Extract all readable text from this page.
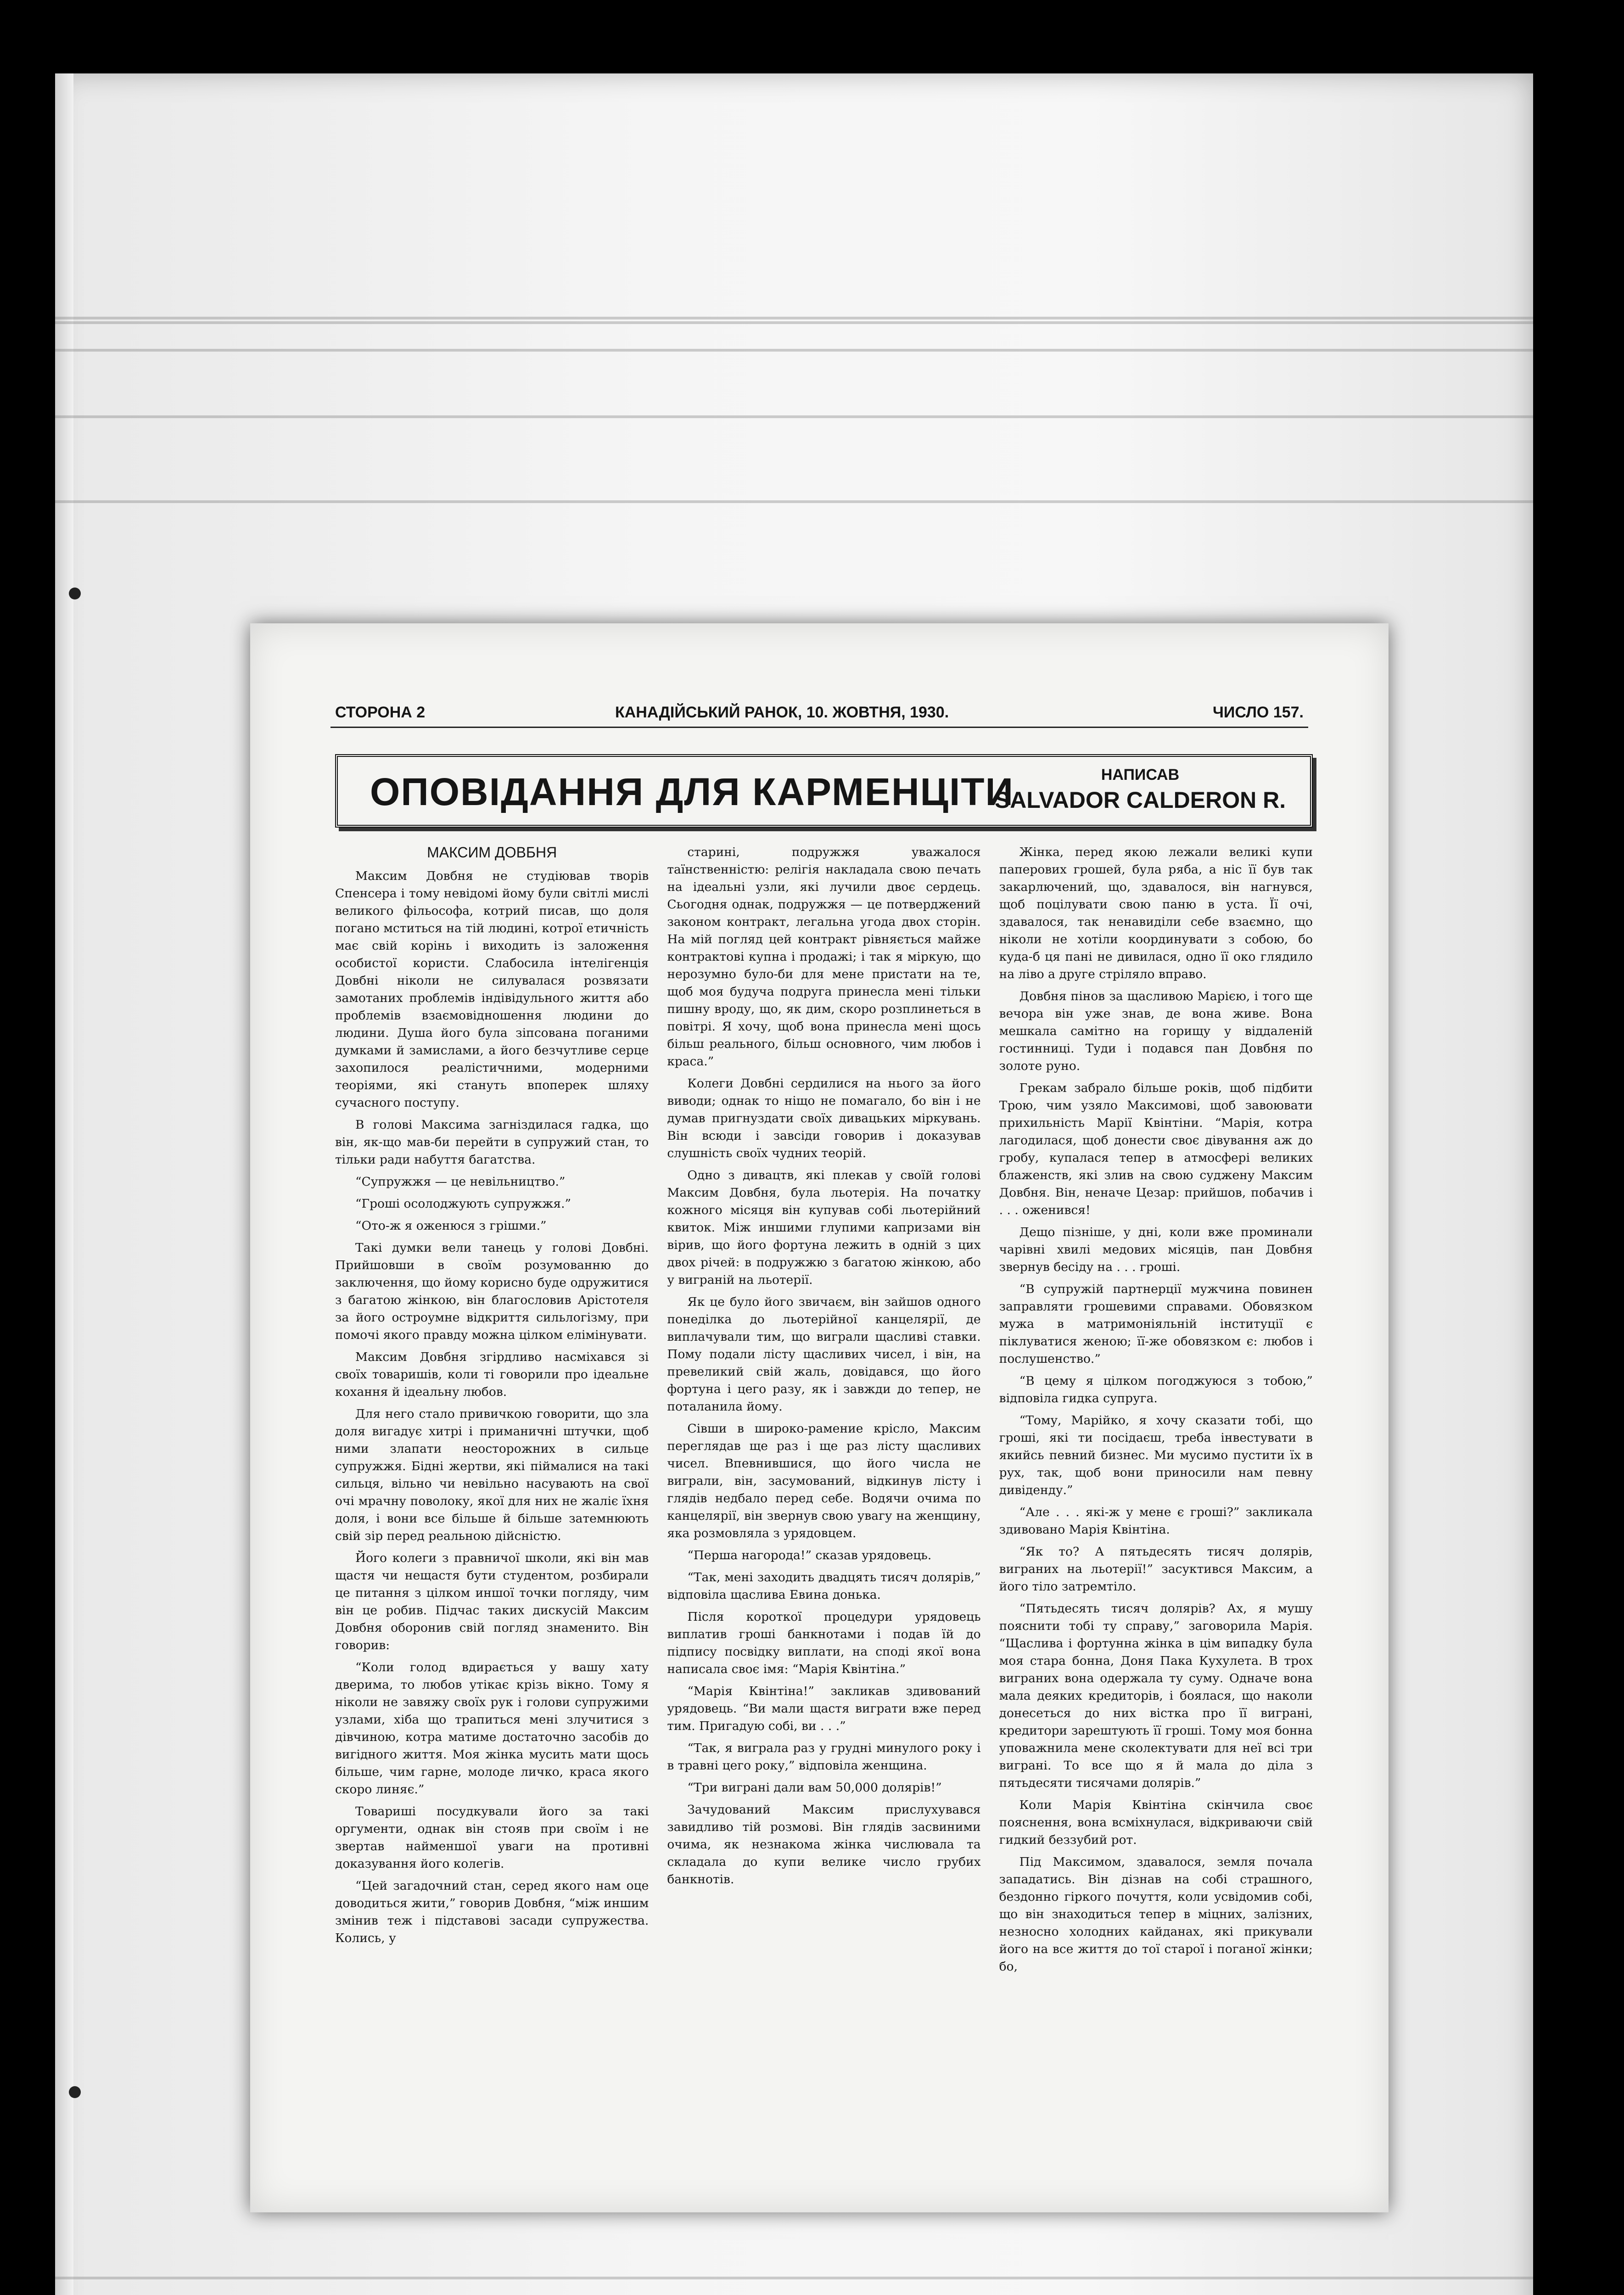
СТОРОНА 2	КАНАДІЙСЬКИЙ РАНОК, 10. ЖОВТНЯ, 1930.	ЧИСЛО 157.
ОПОВІДАННЯ ДЛЯ КАРМЕНЦІТИ	НАПИСАВ
SALVADOR CALDERON R.

МАКСИМ ДОВБНЯ

Максим Довбня не студіював творів Спенсера і тому невідомі йому були світлі мислі великого фільософа, котрий писав, що доля погано мститься на тій людині, котрої етичність має свій корінь і виходить із заложення особистої користи. Слабосила інтелігенція Довбні ніколи не силувалася розвязати замотаних проблемів індівідульного життя або проблемів взаємовідношення людини до людини. Душа його була зіпсована поганими думками й замислами, а його безчутливе серце захопилося реалістичними, модерними теоріями, які стануть впоперек шляху сучасного поступу.

В голові Максима загніздилася гадка, що він, як-що мав-би перейти в супружий стан, то тільки ради набуття багатства.

“Супружжя — це невільництво.”

“Гроші осолоджують супружжя.”

“Ото-ж я оженюся з грішми.”

Такі думки вели танець у голові Довбні. Прийшовши в своїм розумованню до заключення, що йому корисно буде одружитися з багатою жінкою, він благословив Арістотеля за його остроумне відкриття сильлогізму, при помочі якого правду можна цілком елімінувати.

Максим Довбня згірдливо насміхався зі своїх товаришів, коли ті говорили про ідеальне кохання й ідеальну любов.

Для него стало привичкою говорити, що зла доля вигадує хитрі і приманичні штучки, щоб ними злапати неосторожних в сильце супружжя. Бідні жертви, які піймалися на такі сильця, вільно чи невільно насувають на свої очі мрачну поволоку, якої для них не жаліє їхня доля, і вони все більше й більше затемнюють свій зір перед реальною дійсністю.

Його колеги з правничої школи, які він мав щастя чи нещастя бути студентом, розбирали це питання з цілком иншої точки погляду, чим він це робив. Підчас таких дискусій Максим Довбня оборонив свій погляд знаменито. Він говорив:

“Коли голод вдирається у вашу хату дверима, то любов утікає крізь вікно. Тому я ніколи не завяжу своїх рук і голови супружими узлами, хіба що трапиться мені злучитися з дівчиною, котра матиме достаточно засобів до вигідного життя. Моя жінка мусить мати щось більше, чим гарне, молоде личко, краса якого скоро линяє.”

Товариші посудкували його за такі оргументи, однак він стояв при своїм і не звертав найменшої уваги на противні доказування його колегів.

“Цей загадочний стан, серед якого нам оце доводиться жити,” говорив Довбня, “між иншим змінив теж і підставові засади супружества. Колись, у

старині, подружжя уважалося таїнственністю: релігія накладала свою печать на ідеальні узли, які лучили двоє сердець. Сьогодня однак, подружжя — це потверджений законом контракт, легальна угода двох сторін. На мій погляд цей контракт рівняється майже контрактові купна і продажі; і так я міркую, що нерозумно було-би для мене пристати на те, щоб моя будуча подруга принесла мені тільки пишну вроду, що, як дим, скоро розплинеться в повітрі. Я хочу, щоб вона принесла мені щось більш реального, більш основного, чим любов і краса.”

Колеги Довбні сердилися на нього за його виводи; однак то ніщо не помагало, бо він і не думав пригнуздати своїх дивацьких міркувань. Він всюди і завсіди говорив і доказував слушність своїх чудних теорій.

Одно з дивацтв, які плекав у своїй голові Максим Довбня, була льотерія. На початку кожного місяця він купував собі льотерійний квиток. Між иншими глупими капризами він вірив, що його фортуна лежить в одній з цих двох річей: в подружжю з багатою жінкою, або у виграній на льотерії.

Як це було його звичаєм, він зайшов одного понеділка до льотерійної канцелярії, де виплачували тим, що виграли щасливі ставки. Пому подали лісту щасливих чисел, і він, на превеликий свій жаль, довідався, що його фортуна і цего разу, як і завжди до тепер, не поталанила йому.

Сівши в широко-рамение крісло, Максим переглядав ще раз і ще раз лісту щасливих чисел. Впевнившися, що його числа не виграли, він, засумований, відкинув лісту і глядів недбало перед себе. Водячи очима по канцелярії, він звернув свою увагу на женщину, яка розмовляла з урядовцем.

“Перша нагорода!” сказав урядовець.

“Так, мені заходить двадцять тисяч долярів,” відповіла щаслива Евина донька.

Після короткої процедури урядовець виплатив гроші банкнотами і подав їй до підпису посвідку виплати, на споді якої вона написала своє імя: “Марія Квінтіна.”

“Марія Квінтіна!” закликав здивований урядовець. “Ви мали щастя виграти вже перед тим. Пригадую собі, ви . . .”

“Так, я виграла раз у грудні минулого року і в травні цего року,” відповіла женщина.

“Три виграні дали вам 50,000 долярів!”

Зачудований Максим прислухувався завидливо тій розмові. Він глядів засвиними очима, як незнакома жінка числювала та складала до купи велике число грубих банкнотів.

Жінка, перед якою лежали великі купи паперових грошей, була ряба, а ніс її був так закарлючений, що, здавалося, він нагнувся, щоб поцілувати свою паню в уста. Її очі, здавалося, так ненавиділи себе взаємно, що ніколи не хотіли координувати з собою, бо куда-б ця пані не дивилася, одно її око глядило на ліво а друге стріляло вправо.

Довбня пінов за щасливою Марією, і того ще вечора він уже знав, де вона живе. Вона мешкала самітно на горищу у віддаленій гостинниці. Туди і подався пан Довбня по золоте руно.

Грекам забрало більше років, щоб підбити Трою, чим узяло Максимові, щоб завоювати прихильність Марії Квінтіни. “Марія, котра лагодилася, щоб донести своє дівування аж до гробу, купалася тепер в атмосфері великих блаженств, які злив на свою суджену Максим Довбня. Він, неначе Цезар: прийшов, побачив і . . . оженився!

Дещо пізніше, у дні, коли вже проминали чарівні хвилі медових місяців, пан Довбня звернув бесіду на . . . гроші.

“В супружій партнерції мужчина повинен заправляти грошевими справами. Обовязком мужа в матримоніяльній інституції є піклуватися женою; її-же обовязком є: любов і послушенство.”

“В цему я цілком погоджуюся з тобою,” відповіла гидка супруга.

“Тому, Марійко, я хочу сказати тобі, що гроші, які ти посідаєш, треба інвестувати в якийсь певний бизнес. Ми мусимо пустити їх в рух, так, щоб вони приносили нам певну дивіденду.”

“Але . . . які-ж у мене є гроші?” закликала здивовано Марія Квінтіна.

“Як то? А пятьдесять тисяч долярів, виграних на льотерії!” засуктився Максим, а його тіло затремтіло.

“Пятьдесять тисяч долярів? Ах, я мушу пояснити тобі ту справу,” заговорила Марія. “Щаслива і фортунна жінка в цім випадку була моя стара бонна, Доня Пака Кухулета. В трох виграних вона одержала ту суму. Одначе вона мала деяких кредиторів, і боялася, що наколи донесеться до них вістка про її виграні, кредитори зарештують її гроші. Тому моя бонна уповажнила мене сколектувати для неї всі три виграні. То все що я й мала до діла з пятьдесяти тисячами долярів.”

Коли Марія Квінтіна скінчила своє пояснення, вона всміхнулася, відкриваючи свій гидкий беззубий рот.

Під Максимом, здавалося, земля почала западатись. Він дізнав на собі страшного, бездонно гіркого почуття, коли усвідомив собі, що він знаходиться тепер в міцних, залізних, незносно холодних кайданах, які прикували його на все життя до тої старої і поганої жінки; бо,
